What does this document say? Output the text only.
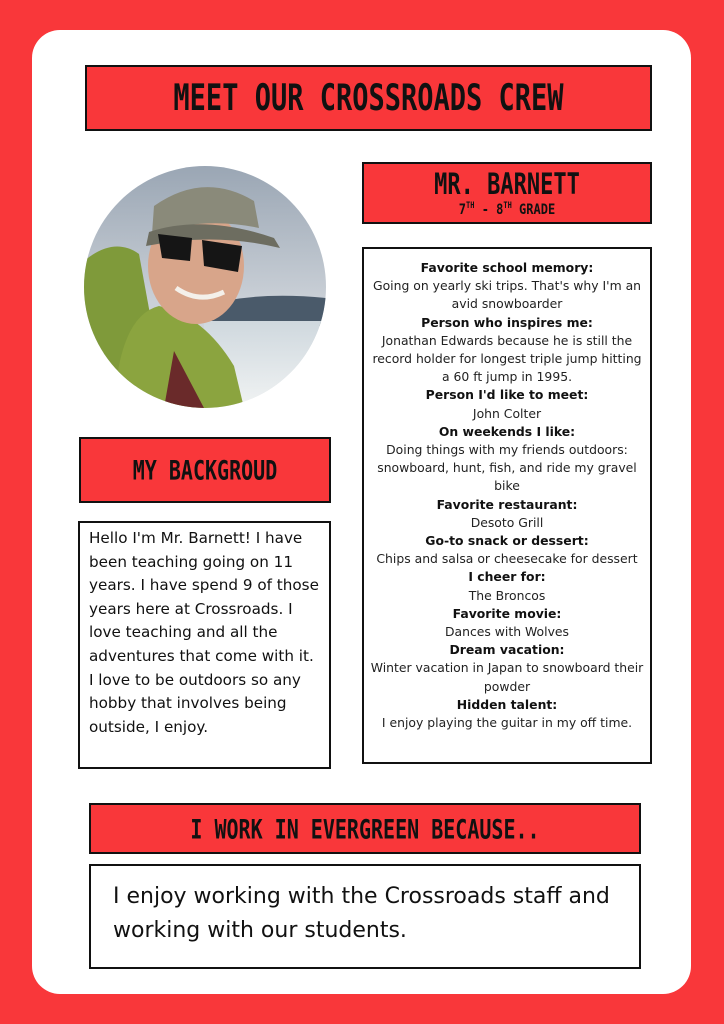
MEET OUR CROSSROADS CREW
MR. BARNETT
7TH - 8TH GRADE
Favorite school memory:
Going on yearly ski trips. That's why I'm an avid snowboarder
Person who inspires me:
Jonathan Edwards because he is still the record holder for longest triple jump hitting a 60 ft jump in 1995.
Person I'd like to meet:
John Colter
On weekends I like:
Doing things with my friends outdoors: snowboard, hunt, fish, and ride my gravel bike
Favorite restaurant:
Desoto Grill
Go-to snack or dessert:
Chips and salsa or cheesecake for dessert
I cheer for:
The Broncos
Favorite movie:
Dances with Wolves
Dream vacation:
Winter vacation in Japan to snowboard their powder
Hidden talent:
I enjoy playing the guitar in my off time.
MY BACKGROUD
Hello I'm Mr. Barnett! I have been teaching going on 11 years. I have spend 9 of those years here at Crossroads. I love teaching and all the adventures that come with it. I love to be outdoors so any hobby that involves being outside, I enjoy.
I WORK IN EVERGREEN BECAUSE..
I enjoy working with the Crossroads staff and working with our students.
